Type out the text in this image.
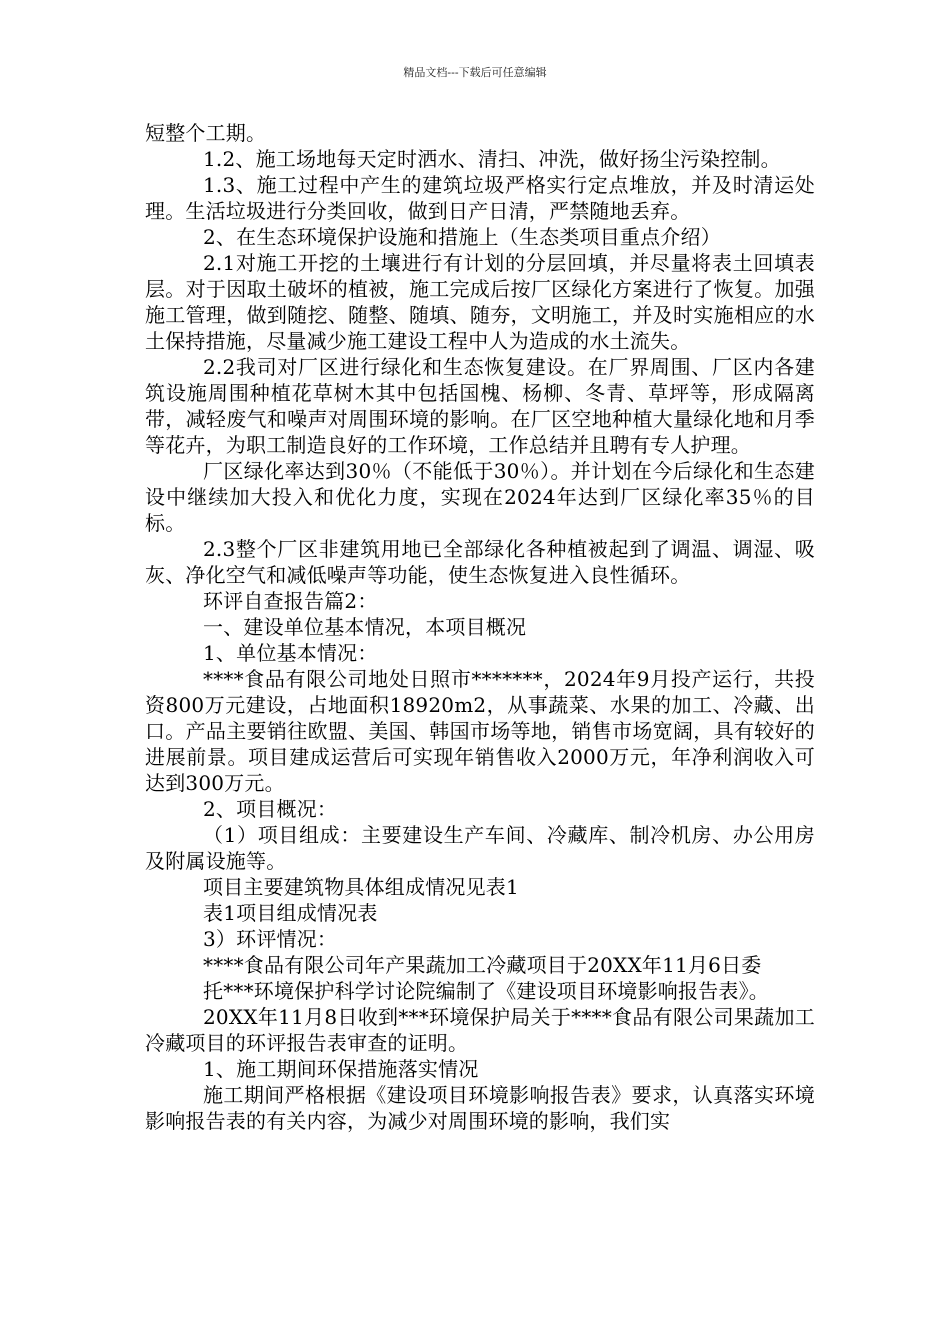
精品文档---下载后可任意编辑

短整个工期。

1.2、施工场地每天定时洒水、清扫、冲洗，做好扬尘污染控制。

1.3、施工过程中产生的建筑垃圾严格实行定点堆放，并及时清运处理。生活垃圾进行分类回收，做到日产日清，严禁随地丢弃。

2、在生态环境保护设施和措施上（生态类项目重点介绍）

2.1对施工开挖的土壤进行有计划的分层回填，并尽量将表土回填表层。对于因取土破坏的植被，施工完成后按厂区绿化方案进行了恢复。加强施工管理，做到随挖、随整、随填、随夯，文明施工，并及时实施相应的水土保持措施，尽量减少施工建设工程中人为造成的水土流失。

2.2我司对厂区进行绿化和生态恢复建设。在厂界周围、厂区内各建筑设施周围种植花草树木其中包括国槐、杨柳、冬青、草坪等，形成隔离带，减轻废气和噪声对周围环境的影响。在厂区空地种植大量绿化地和月季等花卉，为职工制造良好的工作环境，工作总结并且聘有专人护理。

厂区绿化率达到30％（不能低于30％）。并计划在今后绿化和生态建设中继续加大投入和优化力度，实现在2024年达到厂区绿化率35％的目标。

2.3整个厂区非建筑用地已全部绿化各种植被起到了调温、调湿、吸灰、净化空气和减低噪声等功能，使生态恢复进入良性循环。

环评自查报告篇2：

一、建设单位基本情况，本项目概况

1、单位基本情况：

****食品有限公司地处日照市*******，2024年9月投产运行，共投资800万元建设，占地面积18920m2，从事蔬菜、水果的加工、冷藏、出口。产品主要销往欧盟、美国、韩国市场等地，销售市场宽阔，具有较好的进展前景。项目建成运营后可实现年销售收入2000万元，年净利润收入可达到300万元。

2、项目概况：

（1）项目组成：主要建设生产车间、冷藏库、制冷机房、办公用房及附属设施等。

项目主要建筑物具体组成情况见表1

表1项目组成情况表

3）环评情况：

****食品有限公司年产果蔬加工冷藏项目于20XX年11月6日委

托***环境保护科学讨论院编制了《建设项目环境影响报告表》。

20XX年11月8日收到***环境保护局关于****食品有限公司果蔬加工冷藏项目的环评报告表审查的证明。

1、施工期间环保措施落实情况

施工期间严格根据《建设项目环境影响报告表》要求，认真落实环境影响报告表的有关内容，为减少对周围环境的影响，我们实
